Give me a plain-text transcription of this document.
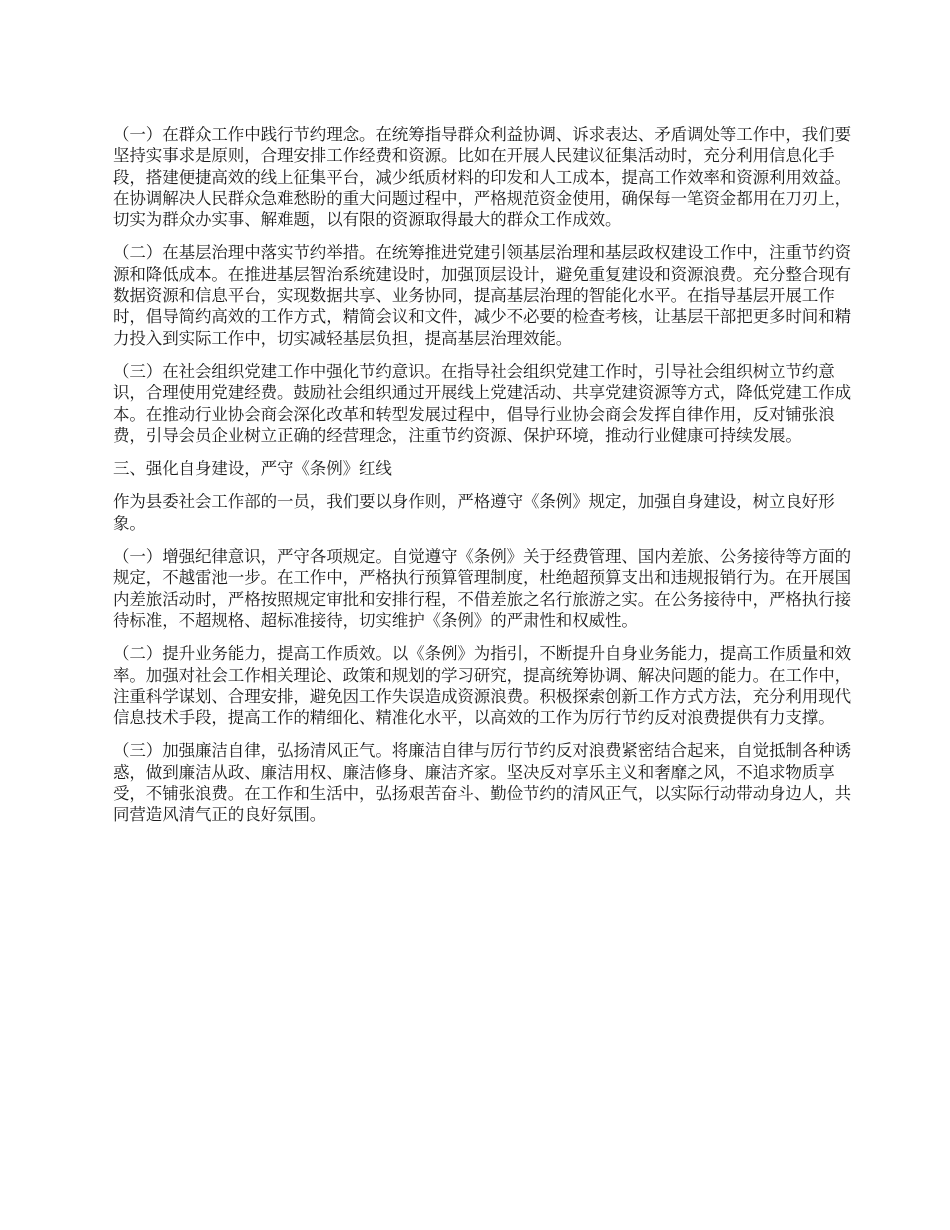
（一）在群众工作中践行节约理念。在统筹指导群众利益协调、诉求表达、矛盾调处等工作中，我们要坚持实事求是原则，合理安排工作经费和资源。比如在开展人民建议征集活动时，充分利用信息化手段，搭建便捷高效的线上征集平台，减少纸质材料的印发和人工成本，提高工作效率和资源利用效益。在协调解决人民群众急难愁盼的重大问题过程中，严格规范资金使用，确保每一笔资金都用在刀刃上，切实为群众办实事、解难题，以有限的资源取得最大的群众工作成效。

（二）在基层治理中落实节约举措。在统筹推进党建引领基层治理和基层政权建设工作中，注重节约资源和降低成本。在推进基层智治系统建设时，加强顶层设计，避免重复建设和资源浪费。充分整合现有数据资源和信息平台，实现数据共享、业务协同，提高基层治理的智能化水平。在指导基层开展工作时，倡导简约高效的工作方式，精简会议和文件，减少不必要的检查考核，让基层干部把更多时间和精力投入到实际工作中，切实减轻基层负担，提高基层治理效能。

（三）在社会组织党建工作中强化节约意识。在指导社会组织党建工作时，引导社会组织树立节约意识，合理使用党建经费。鼓励社会组织通过开展线上党建活动、共享党建资源等方式，降低党建工作成本。在推动行业协会商会深化改革和转型发展过程中，倡导行业协会商会发挥自律作用，反对铺张浪费，引导会员企业树立正确的经营理念，注重节约资源、保护环境，推动行业健康可持续发展。

三、强化自身建设，严守《条例》红线

作为县委社会工作部的一员，我们要以身作则，严格遵守《条例》规定，加强自身建设，树立良好形象。

（一）增强纪律意识，严守各项规定。自觉遵守《条例》关于经费管理、国内差旅、公务接待等方面的规定，不越雷池一步。在工作中，严格执行预算管理制度，杜绝超预算支出和违规报销行为。在开展国内差旅活动时，严格按照规定审批和安排行程，不借差旅之名行旅游之实。在公务接待中，严格执行接待标准，不超规格、超标准接待，切实维护《条例》的严肃性和权威性。

（二）提升业务能力，提高工作质效。以《条例》为指引，不断提升自身业务能力，提高工作质量和效率。加强对社会工作相关理论、政策和规划的学习研究，提高统筹协调、解决问题的能力。在工作中，注重科学谋划、合理安排，避免因工作失误造成资源浪费。积极探索创新工作方式方法，充分利用现代信息技术手段，提高工作的精细化、精准化水平，以高效的工作为厉行节约反对浪费提供有力支撑。

（三）加强廉洁自律，弘扬清风正气。将廉洁自律与厉行节约反对浪费紧密结合起来，自觉抵制各种诱惑，做到廉洁从政、廉洁用权、廉洁修身、廉洁齐家。坚决反对享乐主义和奢靡之风，不追求物质享受，不铺张浪费。在工作和生活中，弘扬艰苦奋斗、勤俭节约的清风正气，以实际行动带动身边人，共同营造风清气正的良好氛围。
